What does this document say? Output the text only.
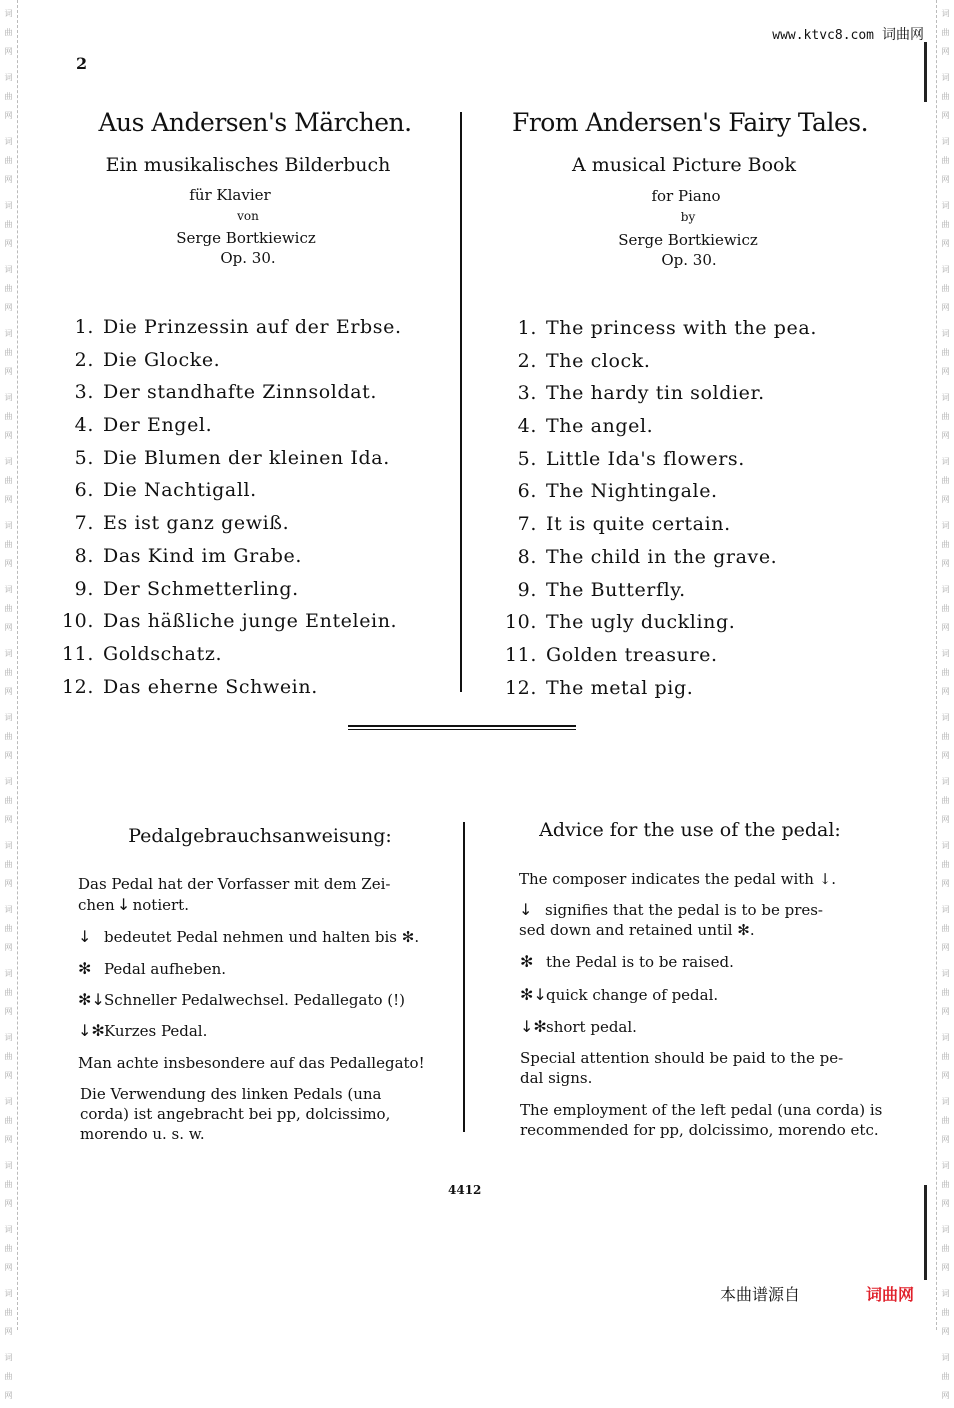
词
曲
网
词
曲
网
词
曲
网
词
曲
网
词
曲
网
词
曲
网
词
曲
网
词
曲
网
词
曲
网
词
曲
网
词
曲
网
词
曲
网
词
曲
网
词
曲
网
词
曲
网
词
曲
网
词
曲
网
词
曲
网
词
曲
网
词
曲
网
词
曲
网
词
曲
网
词
曲
网
词
曲
网
词
曲
网
词
曲
网
词
曲
网
词
曲
网
词
曲
网
词
曲
网
词
曲
网
词
曲
网
词
曲
网
词
曲
网
词
曲
网
词
曲
网
词
曲
网
词
曲
网
词
曲
网
词
曲
网
词
曲
网
词
曲
网
词
曲
网
词
曲
网
www.ktvc8.com 词曲网
2
Aus Andersen's Märchen.
Ein musikalisches Bilderbuch
für Klavier
von
Serge Bortkiewicz
Op. 30.
From Andersen's Fairy Tales.
A musical Picture Book
for Piano
by
Serge Bortkiewicz
Op. 30.
1. Die Prinzessin auf der Erbse.
2. Die Glocke.
3. Der standhafte Zinnsoldat.
4. Der Engel.
5. Die Blumen der kleinen Ida.
6. Die Nachtigall.
7. Es ist ganz gewiß.
8. Das Kind im Grabe.
9. Der Schmetterling.
10. Das häßliche junge Entelein.
11. Goldschatz.
12. Das eherne Schwein.
1. The princess with the pea.
2. The clock.
3. The hardy tin soldier.
4. The angel.
5. Little Ida's flowers.
6. The Nightingale.
7. It is quite certain.
8. The child in the grave.
9. The Butterfly.
10. The ugly duckling.
11. Golden treasure.
12. The metal pig.
Pedalgebrauchsanweisung:
Das Pedal hat der Vorfasser mit dem Zei-
chen ↓ notiert.
↓ bedeutet Pedal nehmen und halten bis ✻.
✻ Pedal aufheben.
✻↓ Schneller Pedalwechsel. Pedallegato (!)
↓✻ Kurzes Pedal.
Man achte insbesondere auf das Pedallegato!
Die Verwendung des linken Pedals (una
corda) ist angebracht bei pp, dolcissimo,
morendo u. s. w.
Advice for the use of the pedal:
The composer indicates the pedal with ↓.
↓ signifies that the pedal is to be pres-
sed down and retained until ✻.
✻ the Pedal is to be raised.
✻↓ quick change of pedal.
↓✻ short pedal.
Special attention should be paid to the pe-
dal signs.
The employment of the left pedal (una corda) is
recommended for pp, dolcissimo, morendo etc.
4412
本曲谱源自	词曲网
